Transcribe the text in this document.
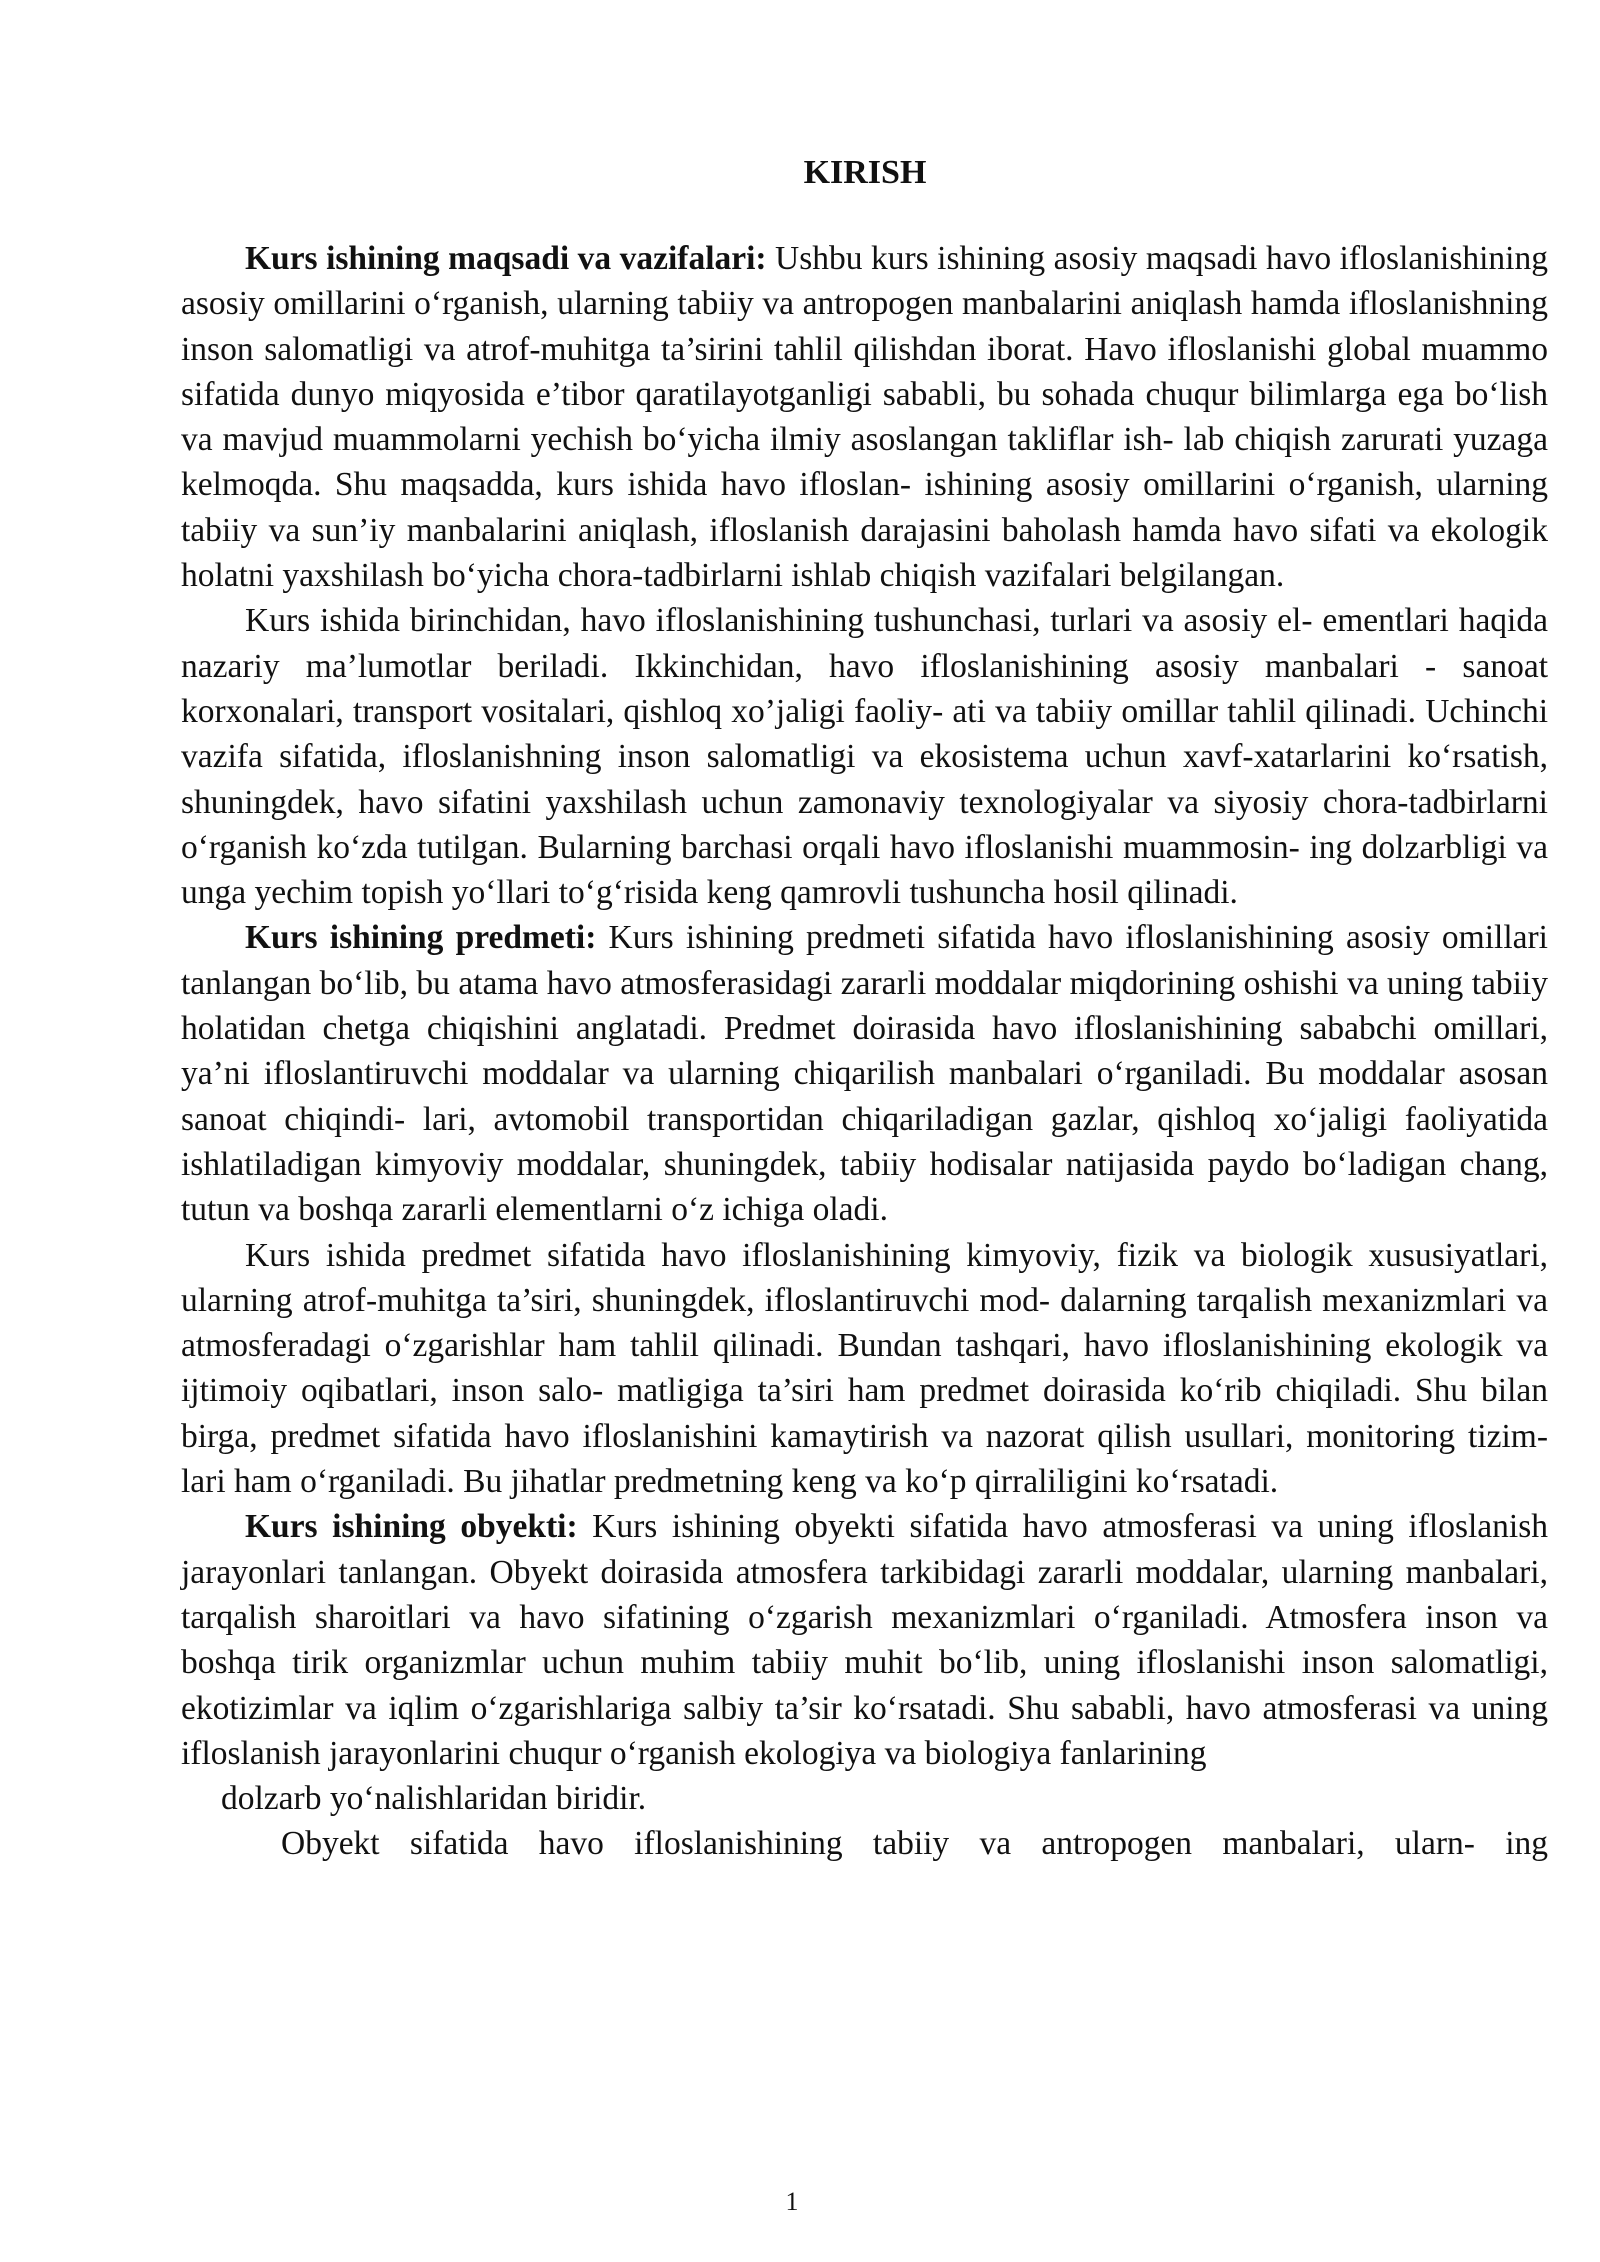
KIRISH

Kurs ishining maqsadi va vazifalari: Ushbu kurs ishining asosiy maqsadi havo ifloslanishining asosiy omillarini o‘rganish, ularning tabiiy va antropogen manbalarini aniqlash hamda ifloslanishning inson salomatligi va atrof-muhitga ta’sirini tahlil qilishdan iborat. Havo ifloslanishi global muammo sifatida dunyo miqyosida e’tibor qaratilayotganligi sababli, bu sohada chuqur bilimlarga ega bo‘lish va mavjud muammolarni yechish bo‘yicha ilmiy asoslangan takliflar ish- lab chiqish zarurati yuzaga kelmoqda. Shu maqsadda, kurs ishida havo ifloslan- ishining asosiy omillarini o‘rganish, ularning tabiiy va sun’iy manbalarini aniqlash, ifloslanish darajasini baholash hamda havo sifati va ekologik holatni yaxshilash bo‘yicha chora-tadbirlarni ishlab chiqish vazifalari belgilangan.

Kurs ishida birinchidan, havo ifloslanishining tushunchasi, turlari va asosiy el- ementlari haqida nazariy ma’lumotlar beriladi. Ikkinchidan, havo ifloslanishining asosiy manbalari - sanoat korxonalari, transport vositalari, qishloq xo’jaligi faoliy- ati va tabiiy omillar tahlil qilinadi. Uchinchi vazifa sifatida, ifloslanishning inson salomatligi va ekosistema uchun xavf-xatarlarini ko‘rsatish, shuningdek, havo sifatini yaxshilash uchun zamonaviy texnologiyalar va siyosiy chora-tadbirlarni o‘rganish ko‘zda tutilgan. Bularning barchasi orqali havo ifloslanishi muammosin- ing dolzarbligi va unga yechim topish yo‘llari to‘g‘risida keng qamrovli tushuncha hosil qilinadi.

Kurs ishining predmeti: Kurs ishining predmeti sifatida havo ifloslanishining asosiy omillari tanlangan bo‘lib, bu atama havo atmosferasidagi zararli moddalar miqdorining oshishi va uning tabiiy holatidan chetga chiqishini anglatadi. Predmet doirasida havo ifloslanishining sababchi omillari, ya’ni ifloslantiruvchi moddalar va ularning chiqarilish manbalari o‘rganiladi. Bu moddalar asosan sanoat chiqindi- lari, avtomobil transportidan chiqariladigan gazlar, qishloq xo‘jaligi faoliyatida ishlatiladigan kimyoviy moddalar, shuningdek, tabiiy hodisalar natijasida paydo bo‘ladigan chang, tutun va boshqa zararli elementlarni o‘z ichiga oladi.

Kurs ishida predmet sifatida havo ifloslanishining kimyoviy, fizik va biologik xususiyatlari, ularning atrof-muhitga ta’siri, shuningdek, ifloslantiruvchi mod- dalarning tarqalish mexanizmlari va atmosferadagi o‘zgarishlar ham tahlil qilinadi. Bundan tashqari, havo ifloslanishining ekologik va ijtimoiy oqibatlari, inson salo- matligiga ta’siri ham predmet doirasida ko‘rib chiqiladi. Shu bilan birga, predmet sifatida havo ifloslanishini kamaytirish va nazorat qilish usullari, monitoring tizim- lari ham o‘rganiladi. Bu jihatlar predmetning keng va ko‘p qirraliligini ko‘rsatadi.

Kurs ishining obyekti: Kurs ishining obyekti sifatida havo atmosferasi va uning ifloslanish jarayonlari tanlangan. Obyekt doirasida atmosfera tarkibidagi zararli moddalar, ularning manbalari, tarqalish sharoitlari va havo sifatining o‘zgarish mexanizmlari o‘rganiladi. Atmosfera inson va boshqa tirik organizmlar uchun muhim tabiiy muhit bo‘lib, uning ifloslanishi inson salomatligi, ekotizimlar va iqlim o‘zgarishlariga salbiy ta’sir ko‘rsatadi. Shu sababli, havo atmosferasi va uning ifloslanish jarayonlarini chuqur o‘rganish ekologiya va biologiya fanlarining

dolzarb yo‘nalishlaridan biridir.

Obyekt sifatida havo ifloslanishining tabiiy va antropogen manbalari, ularn- ing

1
